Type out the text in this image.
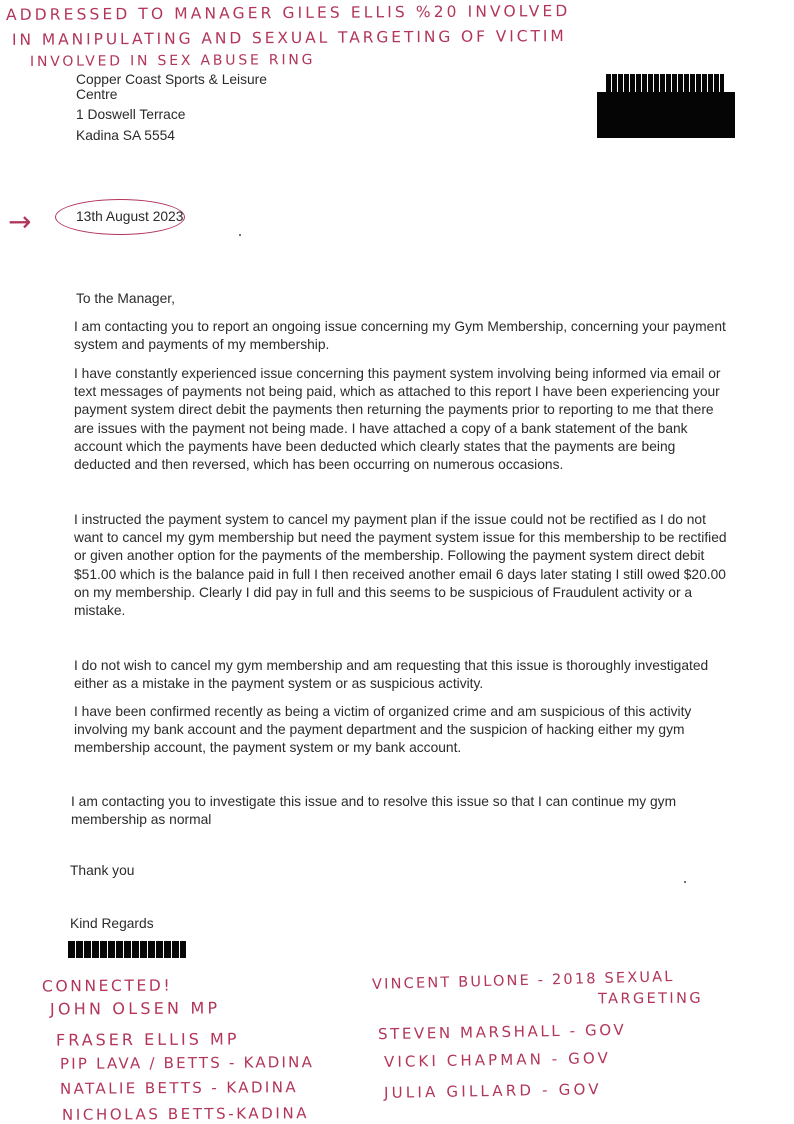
ADDRESSED TO MANAGER GILES ELLIS %20 INVOLVED
IN MANIPULATING AND SEXUAL TARGETING OF VICTIM
INVOLVED IN SEX ABUSE RING
Copper Coast Sports & Leisure
Centre
1 Doswell Terrace
Kadina SA 5554
→	13th August 2023
To the Manager,
I am contacting you to report an ongoing issue concerning my Gym Membership, concerning your payment system and payments of my membership.
I have constantly experienced issue concerning this payment system involving being informed via email or text messages of payments not being paid, which as attached to this report I have been experiencing your payment system direct debit the payments then returning the payments prior to reporting to me that there are issues with the payment not being made. I have attached a copy of a bank statement of the bank account which the payments have been deducted which clearly states that the payments are being deducted and then reversed, which has been occurring on numerous occasions.
I instructed the payment system to cancel my payment plan if the issue could not be rectified as I do not want to cancel my gym membership but need the payment system issue for this membership to be rectified or given another option for the payments of the membership. Following the payment system direct debit $51.00 which is the balance paid in full I then received another email 6 days later stating I still owed $20.00 on my membership. Clearly I did pay in full and this seems to be suspicious of Fraudulent activity or a mistake.
I do not wish to cancel my gym membership and am requesting that this issue is thoroughly investigated either as a mistake in the payment system or as suspicious activity.
I have been confirmed recently as being a victim of organized crime and am suspicious of this activity involving my bank account and the payment department and the suspicion of hacking either my gym membership account, the payment system or my bank account.
I am contacting you to investigate this issue and to resolve this issue so that I can continue my gym membership as normal
Thank you
Kind Regards
CONNECTED!
JOHN OLSEN MP
FRASER ELLIS MP
PIP LAVA / BETTS - KADINA
NATALIE BETTS - KADINA
NICHOLAS BETTS-KADINA
VINCENT BULONE - 2018 SEXUAL
TARGETING
STEVEN MARSHALL - GOV
VICKI CHAPMAN - GOV
JULIA GILLARD - GOV
